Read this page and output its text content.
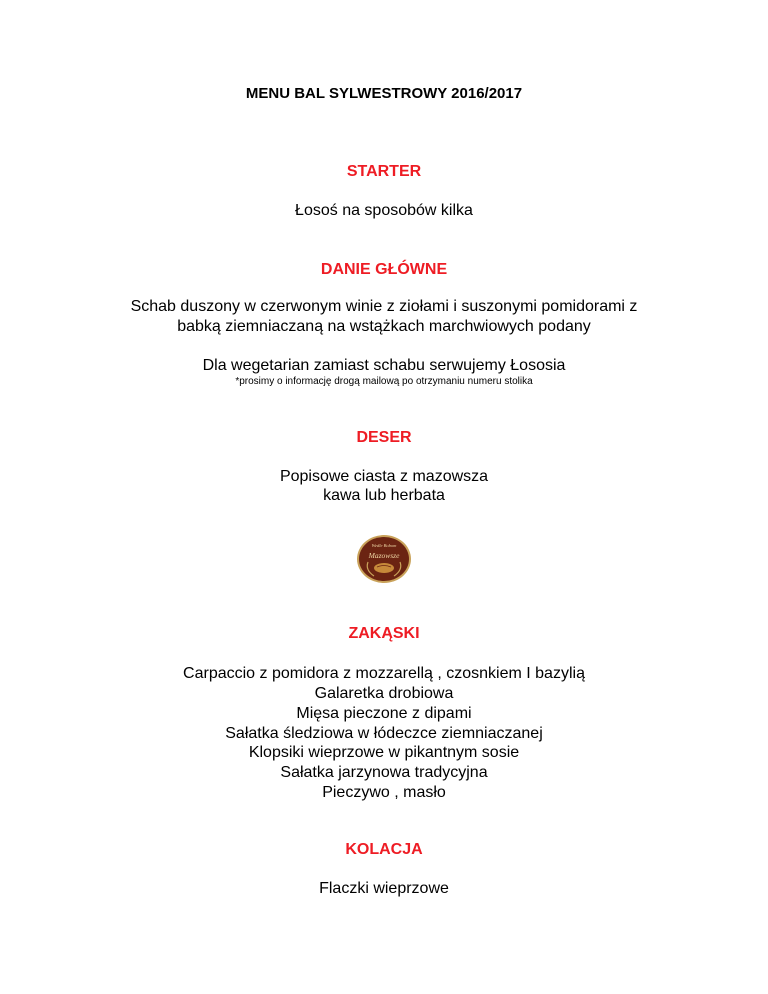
MENU BAL SYLWESTROWY 2016/2017
STARTER
Łosoś na sposobów kilka
DANIE GŁÓWNE
Schab duszony w czerwonym winie z ziołami i suszonymi pomidorami z
babką ziemniaczaną na wstążkach marchwiowych podany
Dla wegetarian zamiast schabu serwujemy Łososia
*prosimy o informację drogą mailową po otrzymaniu numeru stolika
DESER
Popisowe ciasta z mazowsza
kawa lub herbata
Wedle Bobom
Mazowsze
ZAKĄSKI
Carpaccio z pomidora z mozzarellą , czosnkiem I bazylią
Galaretka drobiowa
Mięsa pieczone z dipami
Sałatka śledziowa w łódeczce ziemniaczanej
Klopsiki wieprzowe w pikantnym sosie
Sałatka jarzynowa tradycyjna
Pieczywo , masło
KOLACJA
Flaczki wieprzowe
